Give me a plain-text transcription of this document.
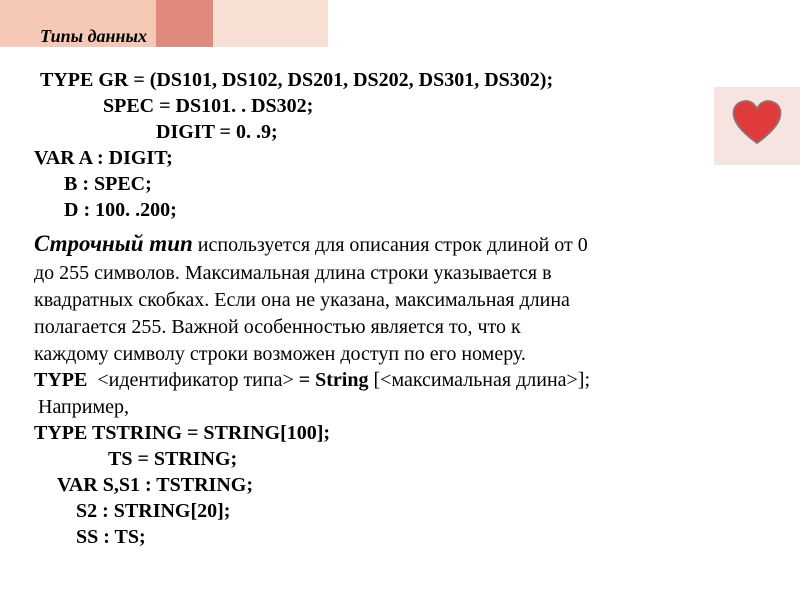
Типы данных
TYPE GR = (DS101, DS102, DS201, DS202, DS301, DS302);
SPEC = DS101. . DS302;
DIGIT = 0. .9;
VAR A : DIGIT;
B : SPEC;
D : 100. .200;
Строчный тип используется для описания строк длиной от 0
до 255 символов. Максимальная длина строки указывается в
квадратных скобках. Если она не указана, максимальная длина
полагается 255. Важной особенностью является то, что к
каждому символу строки возможен доступ по его номеру.
TYPE <идентификатор типа> = String [<максимальная длина>];
Например,
TYPE TSTRING = STRING[100];
TS = STRING;
VAR S,S1 : TSTRING;
S2 : STRING[20];
SS : TS;
